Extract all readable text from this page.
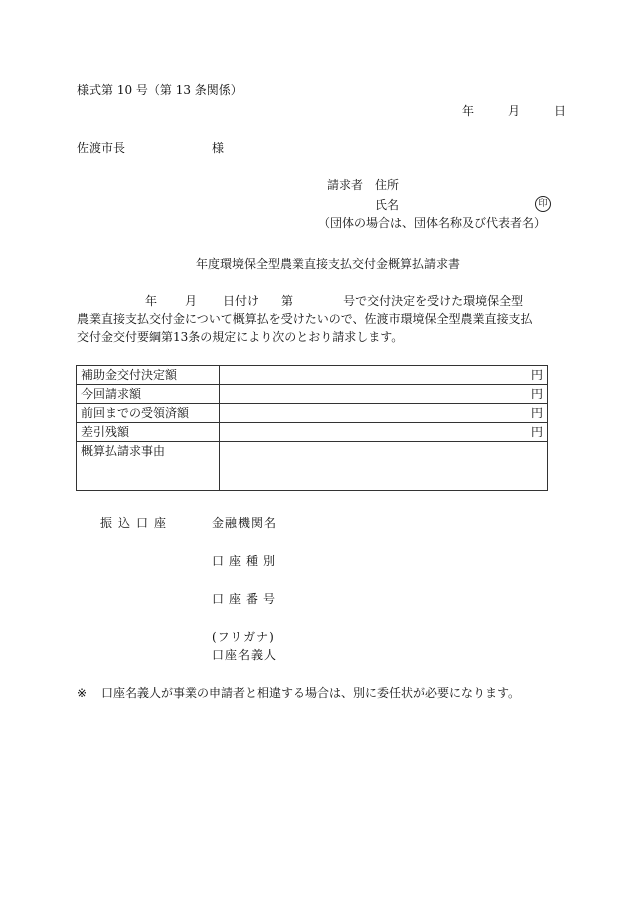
様式第 10 号（第 13 条関係）
年	月	日
佐渡市長	様
請求者 住所
氏名	印
（団体の場合は、団体名称及び代表者名）
年度環境保全型農業直接支払交付金概算払請求書
年 月 日付け 第	号で交付決定を受けた環境保全型
農業直接支払交付金について概算払を受けたいので、佐渡市環境保全型農業直接支払
交付金交付要綱第13条の規定により次のとおり請求します。
補助金交付決定額	円
今回請求額	円
前回までの受領済額	円
差引残額	円
概算払請求事由	
振込口座	金融機関名
口座種別
口座番号
(フリガナ)
口座名義人
※ 口座名義人が事業の申請者と相違する場合は、別に委任状が必要になります。
